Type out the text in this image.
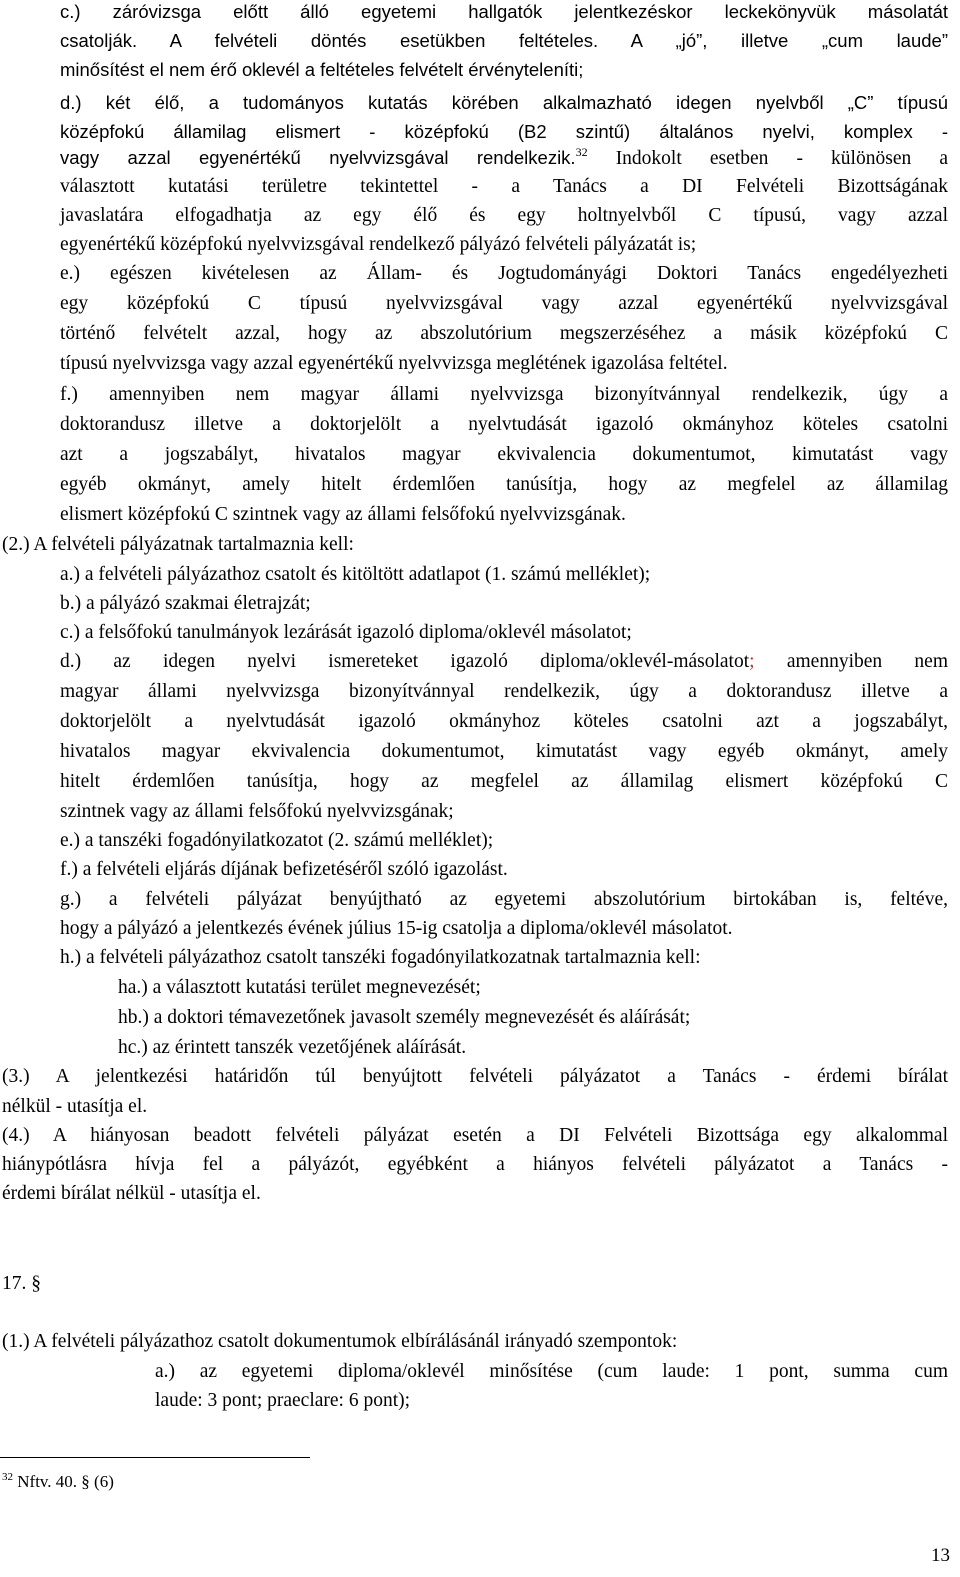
c.) záróvizsga előtt álló egyetemi hallgatók jelentkezéskor leckekönyvük másolatát
csatolják. A felvételi döntés esetükben feltételes. A „jó”, illetve „cum laude”
minősítést el nem érő oklevél a feltételes felvételt érvényteleníti;
d.) két élő, a tudományos kutatás körében alkalmazható idegen nyelvből „C” típusú
középfokú államilag elismert - középfokú (B2 szintű) általános nyelvi, komplex -
vagy azzal egyenértékű nyelvvizsgával rendelkezik.$^{32}$ Indokolt esetben - különösen a
választott kutatási területre tekintettel - a Tanács a DI Felvételi Bizottságának
javaslatára elfogadhatja az egy élő és egy holtnyelvből C típusú, vagy azzal
egyenértékű középfokú nyelvvizsgával rendelkező pályázó felvételi pályázatát is;
e.) egészen kivételesen az Állam- és Jogtudományági Doktori Tanács engedélyezheti
egy középfokú C típusú nyelvvizsgával vagy azzal egyenértékű nyelvvizsgával
történő felvételt azzal, hogy az abszolutórium megszerzéséhez a másik középfokú C
típusú nyelvvizsga vagy azzal egyenértékű nyelvvizsga meglétének igazolása feltétel.
f.) amennyiben nem magyar állami nyelvvizsga bizonyítvánnyal rendelkezik, úgy a
doktorandusz illetve a doktorjelölt a nyelvtudását igazoló okmányhoz köteles csatolni
azt a jogszabályt, hivatalos magyar ekvivalencia dokumentumot, kimutatást vagy
egyéb okmányt, amely hitelt érdemlően tanúsítja, hogy az megfelel az államilag
elismert középfokú C szintnek vagy az állami felsőfokú nyelvvizsgának.
(2.) A felvételi pályázatnak tartalmaznia kell:
a.) a felvételi pályázathoz csatolt és kitöltött adatlapot (1. számú melléklet);
b.) a pályázó szakmai életrajzát;
c.) a felsőfokú tanulmányok lezárását igazoló diploma/oklevél másolatot;
d.) az idegen nyelvi ismereteket igazoló diploma/oklevél-másolatot; amennyiben nem
magyar állami nyelvvizsga bizonyítvánnyal rendelkezik, úgy a doktorandusz illetve a
doktorjelölt a nyelvtudását igazoló okmányhoz köteles csatolni azt a jogszabályt,
hivatalos magyar ekvivalencia dokumentumot, kimutatást vagy egyéb okmányt, amely
hitelt érdemlően tanúsítja, hogy az megfelel az államilag elismert középfokú C
szintnek vagy az állami felsőfokú nyelvvizsgának;
e.) a tanszéki fogadónyilatkozatot (2. számú melléklet);
f.) a felvételi eljárás díjának befizetéséről szóló igazolást.
g.) a felvételi pályázat benyújtható az egyetemi abszolutórium birtokában is, feltéve,
hogy a pályázó a jelentkezés évének július 15-ig csatolja a diploma/oklevél másolatot.
h.) a felvételi pályázathoz csatolt tanszéki fogadónyilatkozatnak tartalmaznia kell:
ha.) a választott kutatási terület megnevezését;
hb.) a doktori témavezetőnek javasolt személy megnevezését és aláírását;
hc.) az érintett tanszék vezetőjének aláírását.
(3.) A jelentkezési határidőn túl benyújtott felvételi pályázatot a Tanács - érdemi bírálat
nélkül - utasítja el.
(4.) A hiányosan beadott felvételi pályázat esetén a DI Felvételi Bizottsága egy alkalommal
hiánypótlásra hívja fel a pályázót, egyébként a hiányos felvételi pályázatot a Tanács -
érdemi bírálat nélkül - utasítja el.
17. §
(1.) A felvételi pályázathoz csatolt dokumentumok elbírálásánál irányadó szempontok:
a.) az egyetemi diploma/oklevél minősítése (cum laude: 1 pont, summa cum
laude: 3 pont; praeclare: 6 pont);
$^{32}$ Nftv. 40. § (6)
13
